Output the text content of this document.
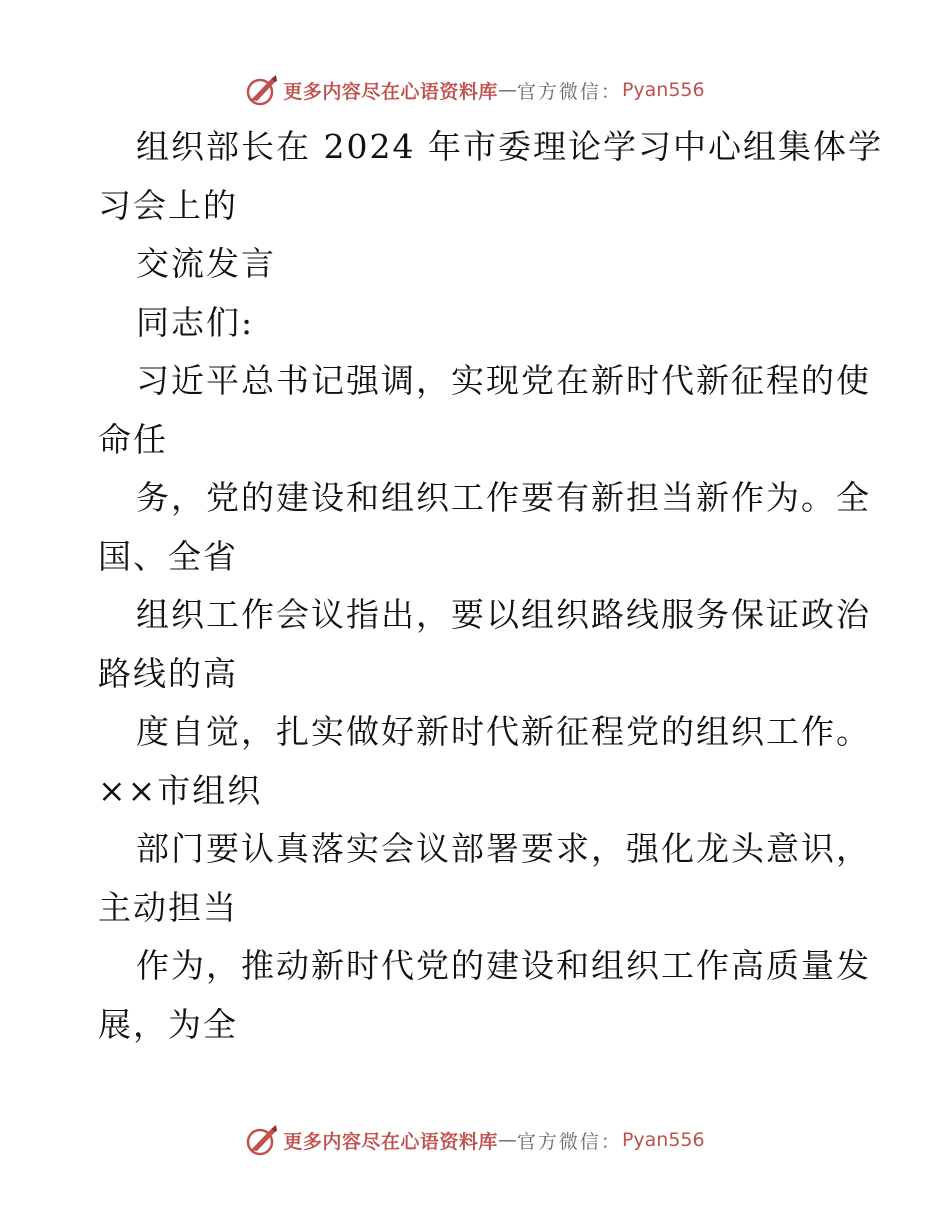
更多内容尽在心语资料库 — 官方微信： Pyan556
组织部长在 2024 年市委理论学习中心组集体学
习会上的
交流发言
同志们:
习近平总书记强调，实现党在新时代新征程的使
命任
务，党的建设和组织工作要有新担当新作为。全
国、全省
组织工作会议指出，要以组织路线服务保证政治
路线的高
度自觉，扎实做好新时代新征程党的组织工作。
××市组织
部门要认真落实会议部署要求，强化龙头意识，
主动担当
作为，推动新时代党的建设和组织工作高质量发
展，为全
更多内容尽在心语资料库 — 官方微信： Pyan556
